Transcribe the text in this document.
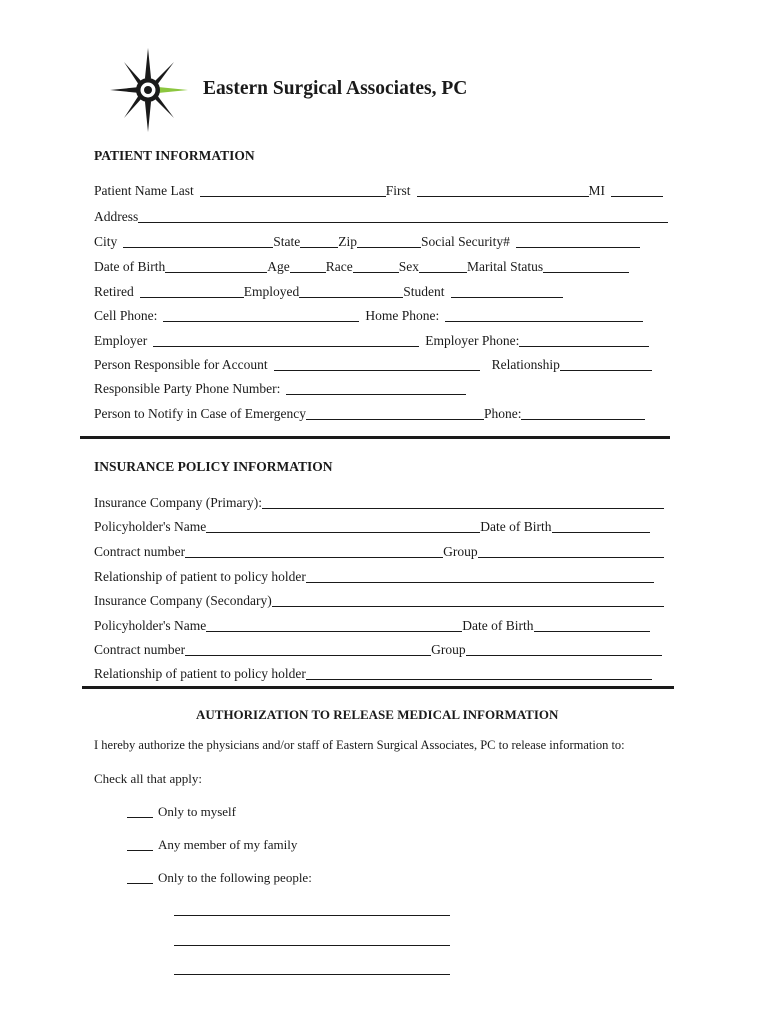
Eastern Surgical Associates, PC
PATIENT INFORMATION
Patient Name Last	First	MI
Address
City	State	Zip	Social Security#
Date of Birth	Age	Race	Sex	Marital Status
Retired	Employed	Student
Cell Phone:	Home Phone:
Employer	Employer Phone:
Person Responsible for Account	Relationship
Responsible Party Phone Number:
Person to Notify in Case of Emergency	Phone:
INSURANCE POLICY INFORMATION
Insurance Company (Primary):
Policyholder's Name	Date of Birth
Contract number	Group
Relationship of patient to policy holder
Insurance Company (Secondary)
Policyholder's Name	Date of Birth
Contract number	Group
Relationship of patient to policy holder
AUTHORIZATION TO RELEASE MEDICAL INFORMATION
I hereby authorize the physicians and/or staff of Eastern Surgical Associates, PC to release information to:
Check all that apply:
Only to myself
Any member of my family
Only to the following people:
